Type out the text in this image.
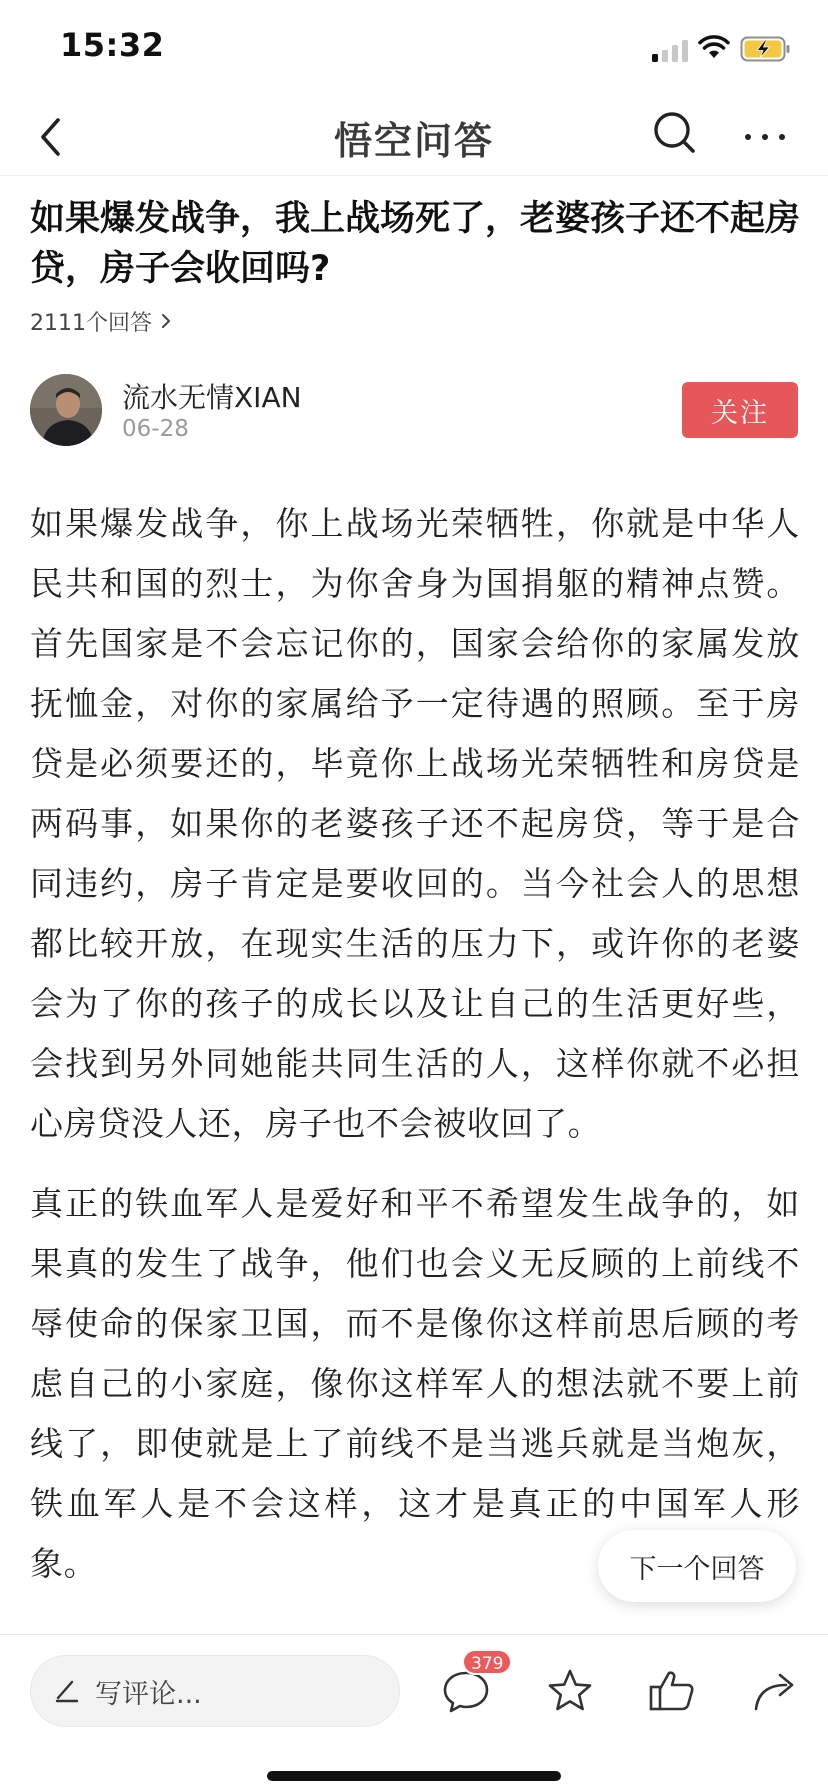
15:32
悟空问答
如果爆发战争，我上战场死了，老婆孩子还不起房贷，房子会收回吗?
2111个回答
流水无情XIAN
06-28
关注

如果爆发战争，你上战场光荣牺牲，你就是中华人民共和国的烈士，为你舍身为国捐躯的精神点赞。首先国家是不会忘记你的，国家会给你的家属发放抚恤金，对你的家属给予一定待遇的照顾。至于房贷是必须要还的，毕竟你上战场光荣牺牲和房贷是两码事，如果你的老婆孩子还不起房贷，等于是合同违约，房子肯定是要收回的。当今社会人的思想都比较开放，在现实生活的压力下，或许你的老婆会为了你的孩子的成长以及让自己的生活更好些，会找到另外同她能共同生活的人，这样你就不必担心房贷没人还，房子也不会被收回了。

真正的铁血军人是爱好和平不希望发生战争的，如果真的发生了战争，他们也会义无反顾的上前线不辱使命的保家卫国，而不是像你这样前思后顾的考虑自己的小家庭，像你这样军人的想法就不要上前线了，即使就是上了前线不是当逃兵就是当炮灰，铁血军人是不会这样，这才是真正的中国军人形象。	下一个回答
写评论...
379
